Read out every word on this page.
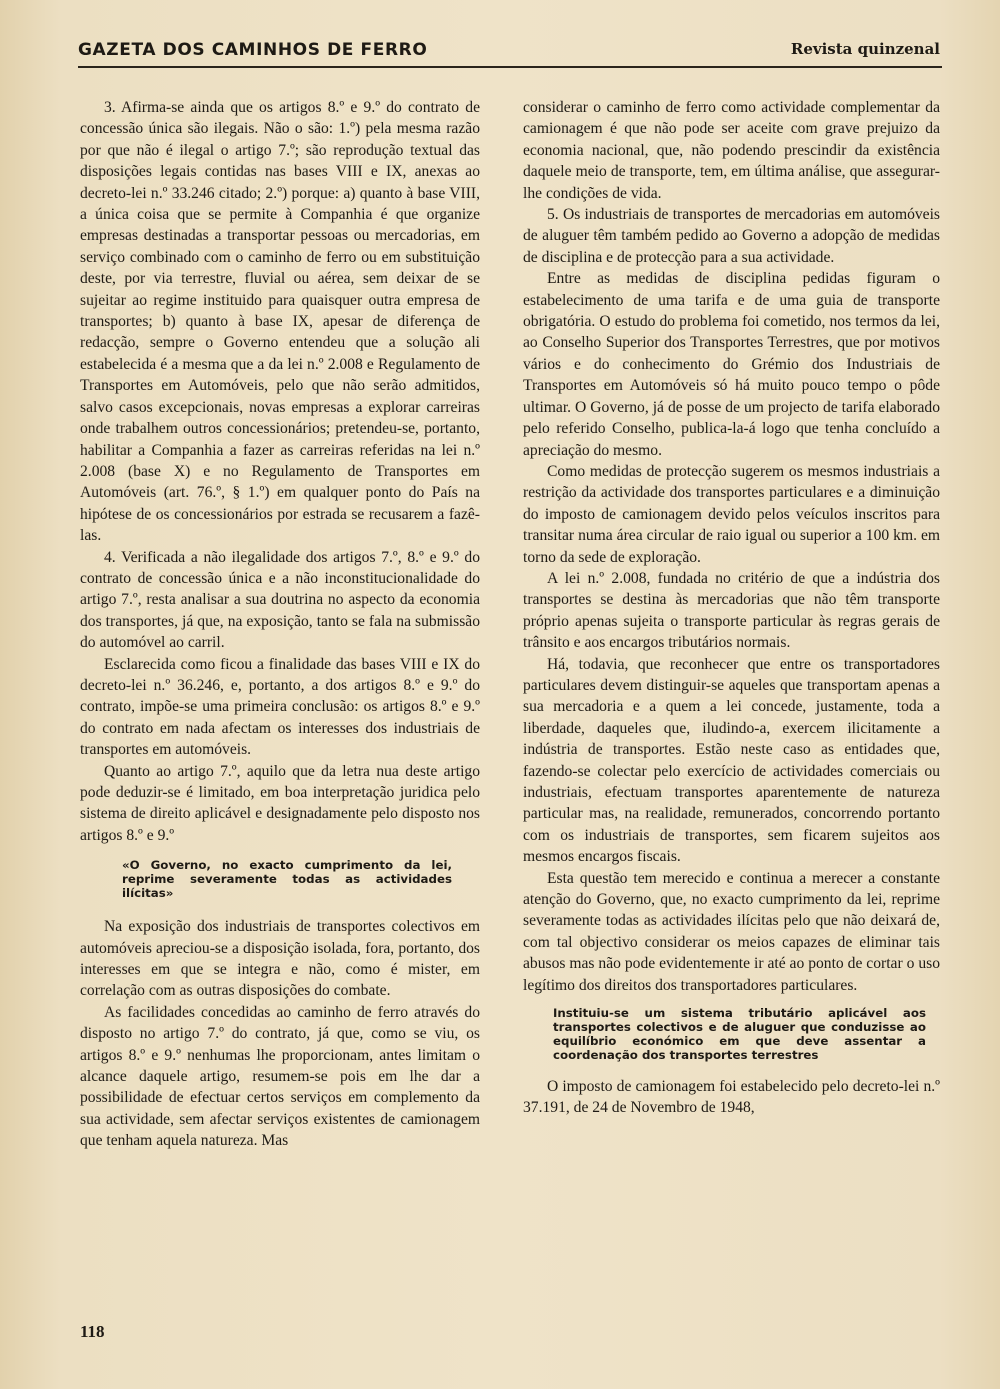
GAZETA DOS CAMINHOS DE FERRO	Revista quinzenal

3. Afirma-se ainda que os artigos 8.º e 9.º do contrato de concessão única são ilegais. Não o são: 1.º) pela mesma razão por que não é ilegal o artigo 7.º; são reprodução textual das disposições legais contidas nas bases VIII e IX, anexas ao decreto-lei n.º 33.246 citado; 2.º) porque: a) quanto à base VIII, a única coisa que se permite à Companhia é que organize empresas destinadas a transportar pessoas ou mercadorias, em serviço combinado com o caminho de ferro ou em substituição deste, por via terrestre, fluvial ou aérea, sem deixar de se sujeitar ao regime instituido para quaisquer outra empresa de transportes; b) quanto à base IX, apesar de diferença de redacção, sempre o Governo entendeu que a solução ali estabelecida é a mesma que a da lei n.º 2.008 e Regulamento de Transportes em Automóveis, pelo que não serão admitidos, salvo casos excepcionais, novas empresas a explorar carreiras onde trabalhem outros concessionários; pretendeu-se, portanto, habilitar a Companhia a fazer as carreiras referidas na lei n.º 2.008 (base X) e no Regulamento de Transportes em Automóveis (art. 76.º, § 1.º) em qualquer ponto do País na hipótese de os concessionários por estrada se recusarem a fazê-las.

4. Verificada a não ilegalidade dos artigos 7.º, 8.º e 9.º do contrato de concessão única e a não inconstitucionalidade do artigo 7.º, resta analisar a sua doutrina no aspecto da economia dos transportes, já que, na exposição, tanto se fala na submissão do automóvel ao carril.

Esclarecida como ficou a finalidade das bases VIII e IX do decreto-lei n.º 36.246, e, portanto, a dos artigos 8.º e 9.º do contrato, impõe-se uma primeira conclusão: os artigos 8.º e 9.º do contrato em nada afectam os interesses dos industriais de transportes em automóveis.

Quanto ao artigo 7.º, aquilo que da letra nua deste artigo pode deduzir-se é limitado, em boa interpretação juridica pelo sistema de direito aplicável e designadamente pelo disposto nos artigos 8.º e 9.º

«O Governo, no exacto cumprimento da lei, reprime severamente todas as actividades ilícitas»

Na exposição dos industriais de transportes colectivos em automóveis apreciou-se a disposição isolada, fora, portanto, dos interesses em que se integra e não, como é mister, em correlação com as outras disposições do combate.

As facilidades concedidas ao caminho de ferro através do disposto no artigo 7.º do contrato, já que, como se viu, os artigos 8.º e 9.º nenhumas lhe proporcionam, antes limitam o alcance daquele artigo, resumem-se pois em lhe dar a possibilidade de efectuar certos serviços em complemento da sua actividade, sem afectar serviços existentes de camionagem que tenham aquela natureza. Mas

considerar o caminho de ferro como actividade complementar da camionagem é que não pode ser aceite com grave prejuizo da economia nacional, que, não podendo prescindir da existência daquele meio de transporte, tem, em última análise, que assegurar-lhe condições de vida.

5. Os industriais de transportes de mercadorias em automóveis de aluguer têm também pedido ao Governo a adopção de medidas de disciplina e de protecção para a sua actividade.

Entre as medidas de disciplina pedidas figuram o estabelecimento de uma tarifa e de uma guia de transporte obrigatória. O estudo do problema foi cometido, nos termos da lei, ao Conselho Superior dos Transportes Terrestres, que por motivos vários e do conhecimento do Grémio dos Industriais de Transportes em Automóveis só há muito pouco tempo o pôde ultimar. O Governo, já de posse de um projecto de tarifa elaborado pelo referido Conselho, publica-la-á logo que tenha concluído a apreciação do mesmo.

Como medidas de protecção sugerem os mesmos industriais a restrição da actividade dos transportes particulares e a diminuição do imposto de camionagem devido pelos veículos inscritos para transitar numa área circular de raio igual ou superior a 100 km. em torno da sede de exploração.

A lei n.º 2.008, fundada no critério de que a indústria dos transportes se destina às mercadorias que não têm transporte próprio apenas sujeita o transporte particular às regras gerais de trânsito e aos encargos tributários normais.

Há, todavia, que reconhecer que entre os transportadores particulares devem distinguir-se aqueles que transportam apenas a sua mercadoria e a quem a lei concede, justamente, toda a liberdade, daqueles que, iludindo-a, exercem ilicitamente a indústria de transportes. Estão neste caso as entidades que, fazendo-se colectar pelo exercício de actividades comerciais ou industriais, efectuam transportes aparentemente de natureza particular mas, na realidade, remunerados, concorrendo portanto com os industriais de transportes, sem ficarem sujeitos aos mesmos encargos fiscais.

Esta questão tem merecido e continua a merecer a constante atenção do Governo, que, no exacto cumprimento da lei, reprime severamente todas as actividades ilícitas pelo que não deixará de, com tal objectivo considerar os meios capazes de eliminar tais abusos mas não pode evidentemente ir até ao ponto de cortar o uso legítimo dos direitos dos transportadores particulares.

Instituiu-se um sistema tributário aplicável aos transportes colectivos e de aluguer que conduzisse ao equilíbrio económico em que deve assentar a coordenação dos transportes terrestres

O imposto de camionagem foi estabelecido pelo decreto-lei n.º 37.191, de 24 de Novembro de 1948,

118
